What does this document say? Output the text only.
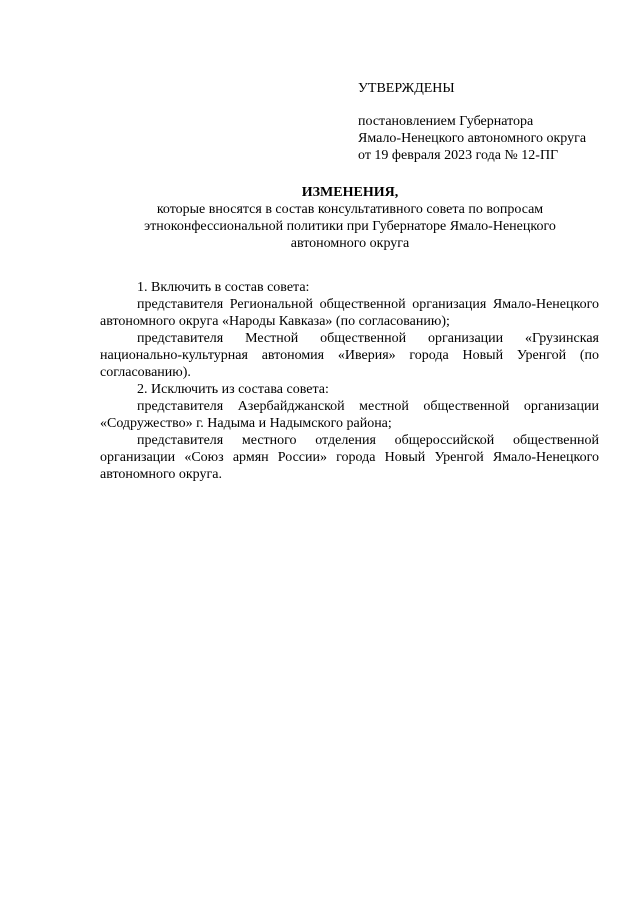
УТВЕРЖДЕНЫ
постановлением Губернатора
Ямало-Ненецкого автономного округа
от 19 февраля 2023 года № 12-ПГ
ИЗМЕНЕНИЯ,
которые вносятся в состав консультативного совета по вопросам
этноконфессиональной политики при Губернаторе Ямало-Ненецкого
автономного округа

1. Включить в состав совета:

представителя Региональной общественной организация Ямало-Ненецкого автономного округа «Народы Кавказа» (по согласованию);

представителя Местной общественной организации «Грузинская национально-культурная автономия «Иверия» города Новый Уренгой (по согласованию).

2. Исключить из состава совета:

представителя Азербайджанской местной общественной организации «Содружество» г. Надыма и Надымского района;

представителя местного отделения общероссийской общественной организации «Союз армян России» города Новый Уренгой Ямало-Ненецкого автономного округа.
